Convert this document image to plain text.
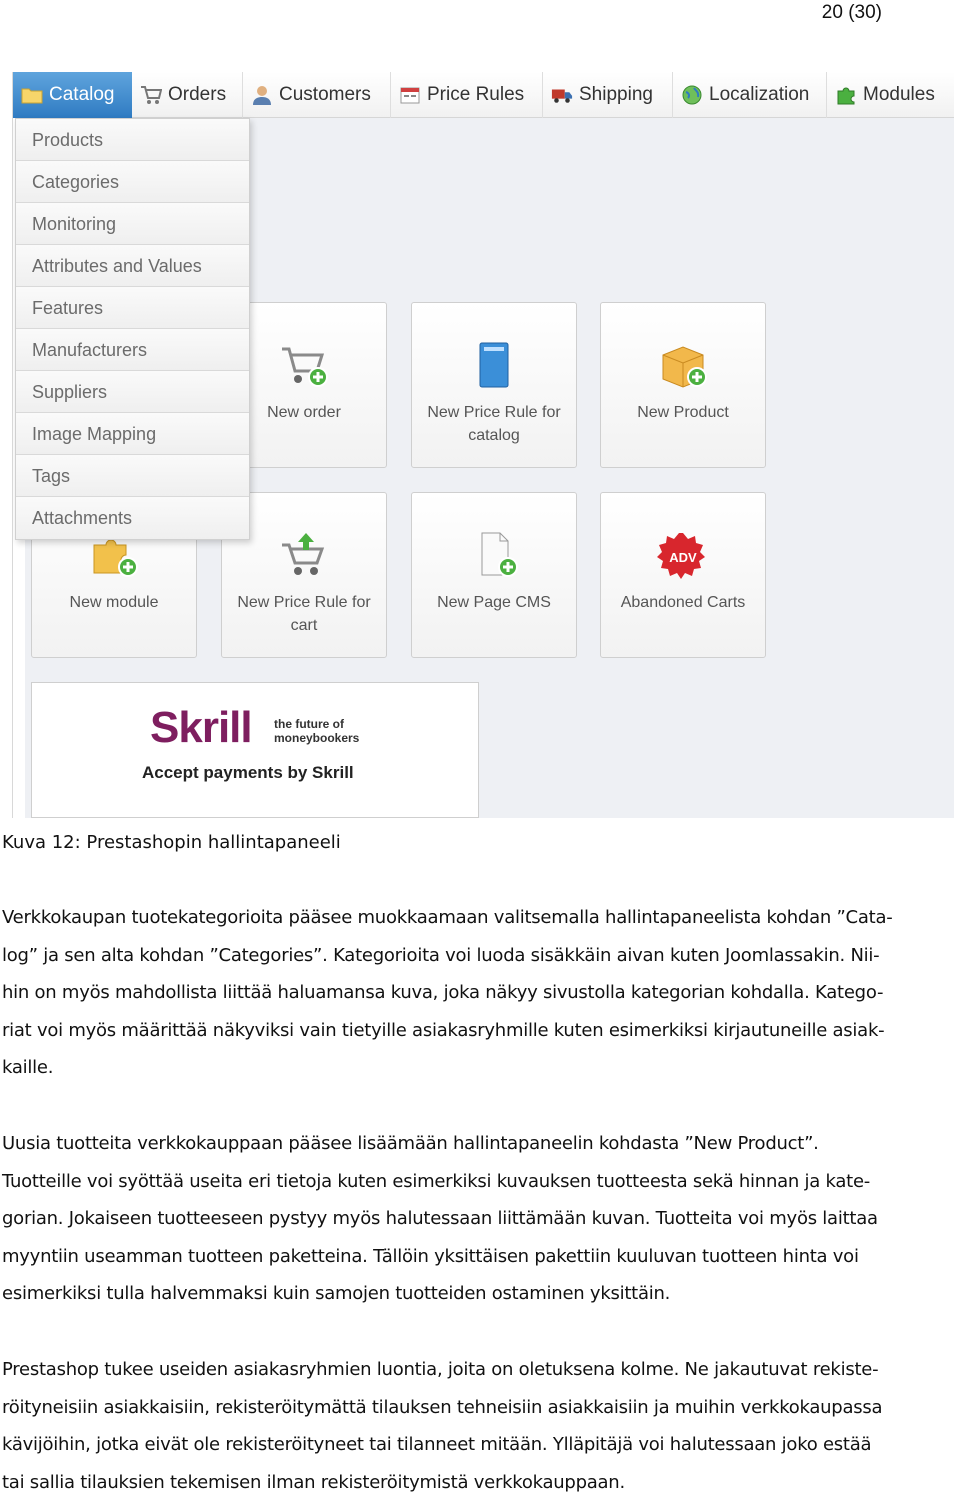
20 (30)
Catalog	Orders	Customers	Price Rules	Shipping	Localization	Modules
Products
Categories
Monitoring
Attributes and Values
Features
Manufacturers
Suppliers
Image Mapping
Tags
Attachments
New order	New Price Rule for catalog
New Product
New module	New Price Rule for cart
New Page CMS
ADV
Abandoned Carts
Skrill the future of
moneybookers
Accept payments by Skrill
Kuva 12: Prestashopin hallintapaneeli
Verkkokaupan tuotekategorioita pääsee muokkaamaan valitsemalla hallintapaneelista kohdan ”Cata-
log” ja sen alta kohdan ”Categories”. Kategorioita voi luoda sisäkkäin aivan kuten Joomlassakin. Nii-
hin on myös mahdollista liittää haluamansa kuva, joka näkyy sivustolla kategorian kohdalla. Katego-
riat voi myös määrittää näkyviksi vain tietyille asiakasryhmille kuten esimerkiksi kirjautuneille asiak-
kaille.
Uusia tuotteita verkkokauppaan pääsee lisäämään hallintapaneelin kohdasta ”New Product”.
Tuotteille voi syöttää useita eri tietoja kuten esimerkiksi kuvauksen tuotteesta sekä hinnan ja kate-
gorian. Jokaiseen tuotteeseen pystyy myös halutessaan liittämään kuvan. Tuotteita voi myös laittaa
myyntiin useamman tuotteen paketteina. Tällöin yksittäisen pakettiin kuuluvan tuotteen hinta voi
esimerkiksi tulla halvemmaksi kuin samojen tuotteiden ostaminen yksittäin.
Prestashop tukee useiden asiakasryhmien luontia, joita on oletuksena kolme. Ne jakautuvat rekiste-
röityneisiin asiakkaisiin, rekisteröitymättä tilauksen tehneisiin asiakkaisiin ja muihin verkkokaupassa
kävijöihin, jotka eivät ole rekisteröityneet tai tilanneet mitään. Ylläpitäjä voi halutessaan joko estää
tai sallia tilauksien tekemisen ilman rekisteröitymistä verkkokauppaan.
